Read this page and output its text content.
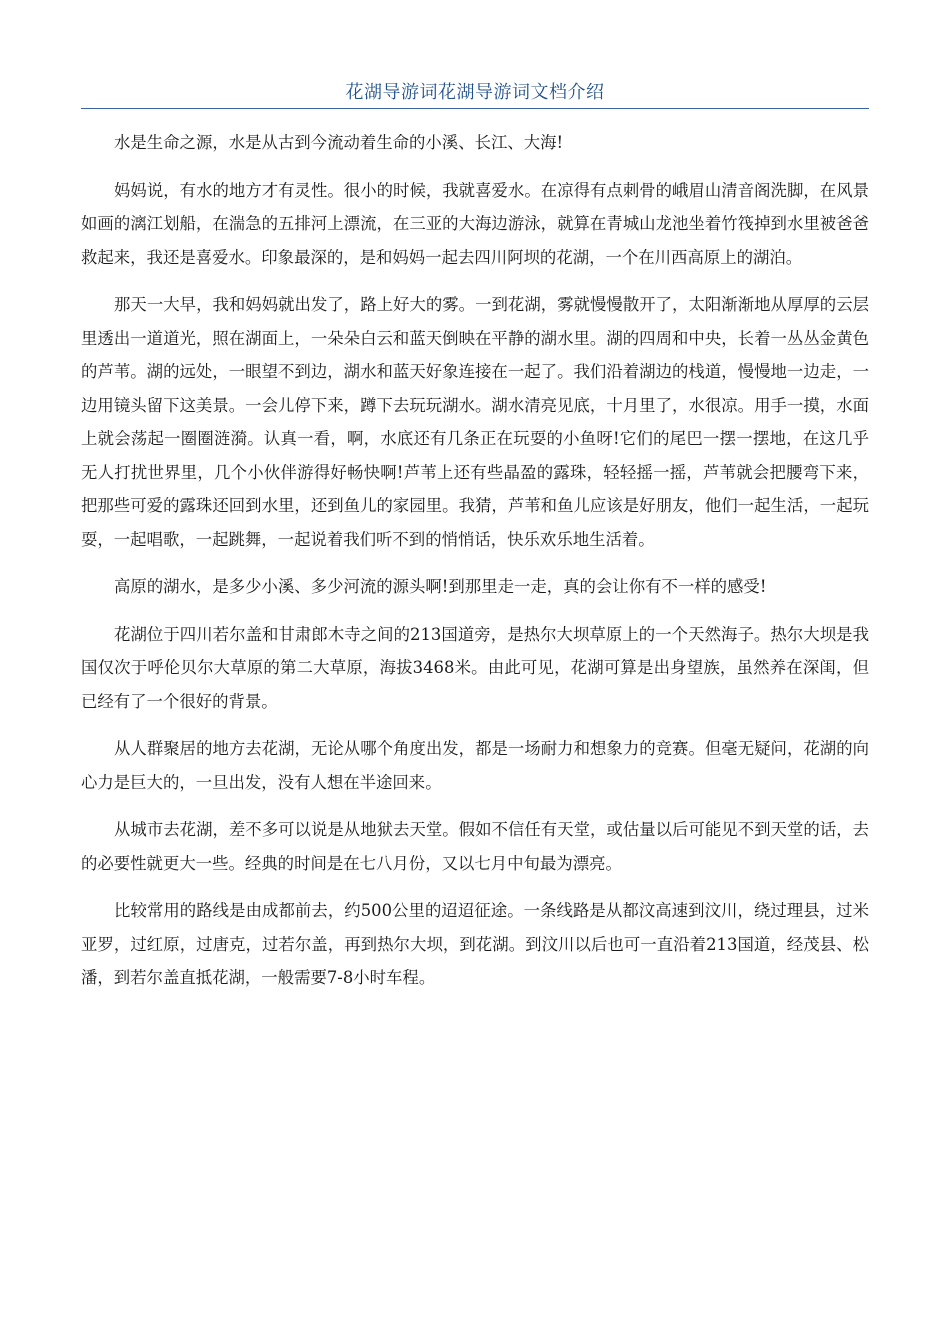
花湖导游词花湖导游词文档介绍

水是生命之源，水是从古到今流动着生命的小溪、长江、大海!

妈妈说，有水的地方才有灵性。很小的时候，我就喜爱水。在凉得有点刺骨的峨眉山清音阁洗脚，在风景如画的漓江划船，在湍急的五排河上漂流，在三亚的大海边游泳，就算在青城山龙池坐着竹筏掉到水里被爸爸救起来，我还是喜爱水。印象最深的，是和妈妈一起去四川阿坝的花湖，一个在川西高原上的湖泊。

那天一大早，我和妈妈就出发了，路上好大的雾。一到花湖，雾就慢慢散开了，太阳渐渐地从厚厚的云层里透出一道道光，照在湖面上，一朵朵白云和蓝天倒映在平静的湖水里。湖的四周和中央，长着一丛丛金黄色的芦苇。湖的远处，一眼望不到边，湖水和蓝天好象连接在一起了。我们沿着湖边的栈道，慢慢地一边走，一边用镜头留下这美景。一会儿停下来，蹲下去玩玩湖水。湖水清亮见底，十月里了，水很凉。用手一摸，水面上就会荡起一圈圈涟漪。认真一看，啊，水底还有几条正在玩耍的小鱼呀!它们的尾巴一摆一摆地，在这几乎无人打扰世界里，几个小伙伴游得好畅快啊!芦苇上还有些晶盈的露珠，轻轻摇一摇，芦苇就会把腰弯下来，把那些可爱的露珠还回到水里，还到鱼儿的家园里。我猜，芦苇和鱼儿应该是好朋友，他们一起生活，一起玩耍，一起唱歌，一起跳舞，一起说着我们听不到的悄悄话，快乐欢乐地生活着。

高原的湖水，是多少小溪、多少河流的源头啊!到那里走一走，真的会让你有不一样的感受!

花湖位于四川若尔盖和甘肃郎木寺之间的213国道旁，是热尔大坝草原上的一个天然海子。热尔大坝是我国仅次于呼伦贝尔大草原的第二大草原，海拔3468米。由此可见，花湖可算是出身望族，虽然养在深闺，但已经有了一个很好的背景。

从人群聚居的地方去花湖，无论从哪个角度出发，都是一场耐力和想象力的竞赛。但毫无疑问，花湖的向心力是巨大的，一旦出发，没有人想在半途回来。

从城市去花湖，差不多可以说是从地狱去天堂。假如不信任有天堂，或估量以后可能见不到天堂的话，去的必要性就更大一些。经典的时间是在七八月份，又以七月中旬最为漂亮。

比较常用的路线是由成都前去，约500公里的迢迢征途。一条线路是从都汶高速到汶川，绕过理县，过米亚罗，过红原，过唐克，过若尔盖，再到热尔大坝，到花湖。到汶川以后也可一直沿着213国道，经茂县、松潘，到若尔盖直抵花湖，一般需要7-8小时车程。
